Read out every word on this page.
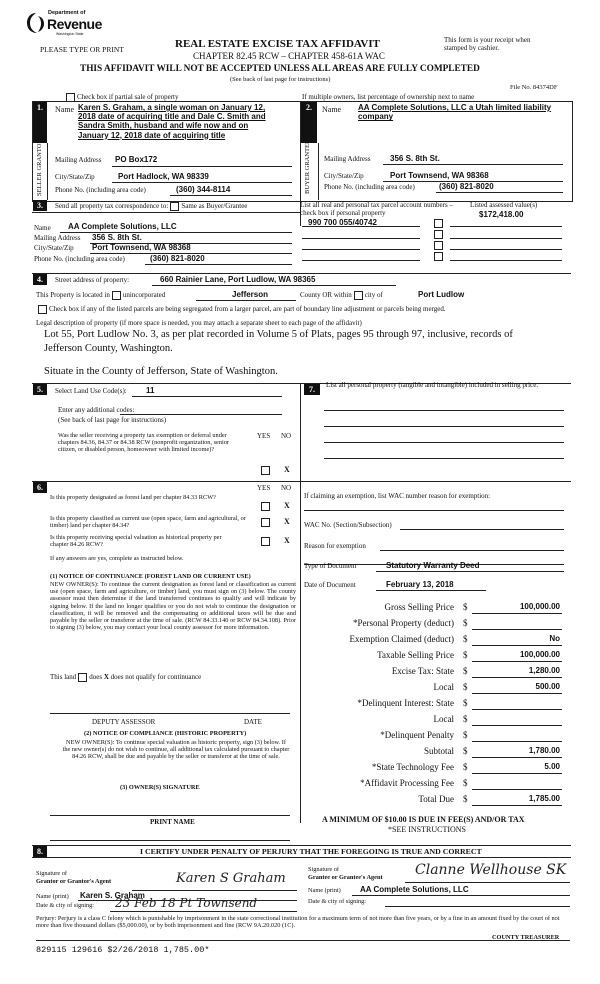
Department of
Revenue
Washington State
PLEASE TYPE OR PRINT	REAL ESTATE EXCISE TAX AFFIDAVIT
CHAPTER 82.45 RCW – CHAPTER 458-61A WAC
THIS AFFIDAVIT WILL NOT BE ACCEPTED UNLESS ALL AREAS ARE FULLY COMPLETED
(See back of last page for instructions)
This form is your receipt when stamped by cashier.
File No. 84374DF
Check box if partial sale of property	If multiple owners, list percentage of ownership next to name
1.	Name Karen S. Graham, a single woman on January 12,
2018 date of acquiring title and Dale C. Smith and
Sandra Smith, husband and wife now and on
January 12, 2018 date of acquiring title
SELLER GRANTOR Mailing Address PO Box172
City/State/Zip	Port Hadlock, WA 98339
Phone No. (including area code)	(360) 344-8114
2.	Name AA Complete Solutions, LLC a Utah limited liability
company
BUYER GRANTEE Mailing Address 356 S. 8th St.
City/State/Zip	Port Townsend, WA 98368
Phone No. (including area code)	(360) 821-8020
3.	Send all property tax correspondence to: Same as Buyer/Grantee
Name AA Complete Solutions, LLC
Mailing Address 356 S. 8th St.
City/State/Zip Port Townsend, WA 98368
Phone No. (including area code)	(360) 821-8020
List all real and personal tax parcel account numbers – check box if personal property
Listed assessed value(s)
990 700 055/40742
$172,418.00
4.	Street address of property:	660 Rainier Lane, Port Ludlow, WA 98365
This Property is located in unincorporated	Jefferson	County OR within city of	Port Ludlow
Check box if any of the listed parcels are being segregated from a larger parcel, are part of boundary line adjustment or parcels being merged.
Legal description of property (if more space is needed, you may attach a separate sheet to each page of the affidavit)
Lot 55, Port Ludlow No. 3, as per plat recorded in Volume 5 of Plats, pages 95 through 97, inclusive, records of
Jefferson County, Washington.
Situate in the County of Jefferson, State of Washington.
5.	Select Land Use Code(s): 11
Enter any additional codes:
(See back of last page for instructions)
YES NO
Was the seller receiving a property tax exemption or deferral under chapters 84.36, 84.37 or 84.38 RCW (nonprofit organization, senior citizen, or disabled person, homeowner with limited income)?
X
7.	List all personal property (tangible and intangible) included in selling price.
6.	YES NO
Is this property designated as forest land per chapter 84.33 RCW?
X
Is this property classified as current use (open space, farm and agricultural, or timber) land per chapter 84.34?	X
Is this property receiving special valuation as historical property per chapter 84.26 RCW?	X
If any answers are yes, complete as instructed below.
(1) NOTICE OF CONTINUANCE (FOREST LAND OR CURRENT USE)
NEW OWNER(S): To continue the current designation as forest land or classification as current use (open space, farm and agriculture, or timber) land, you must sign on (3) below. The county assessor must then determine if the land transferred continues to qualify and will indicate by signing below. If the land no longer qualifies or you do not wish to continue the designation or classification, it will be removed and the compensating or additional taxes will be due and payable by the seller or transferor at the time of sale. (RCW 84.33.140 or RCW 84.34.108). Prior to signing (3) below, you may contact your local county assessor for more information.
This land does X does not qualify for continuance
DEPUTY ASSESSOR	DATE
(2) NOTICE OF COMPLIANCE (HISTORIC PROPERTY)
NEW OWNER(S): To continue special valuation as historic property, sign (3) below. If the new owner(s) do not wish to continue, all additional tax calculated pursuant to chapter 84.26 RCW, shall be due and payable by the seller or transferor at the time of sale.
(3) OWNER(S) SIGNATURE
PRINT NAME
If claiming an exemption, list WAC number reason for exemption:
WAC No. (Section/Subsection)
Reason for exemption
Type of Document	Statutory Warranty Deed
Date of Document	February 13, 2018
Gross Selling Price $	100,000.00
*Personal Property (deduct) $
Exemption Claimed (deduct) $	No
Taxable Selling Price $	100,000.00
Excise Tax: State $	1,280.00
Local $	500.00
*Delinquent Interest: State $
Local $
*Delinquent Penalty $
Subtotal $	1,780.00
*State Technology Fee $	5.00
*Affidavit Processing Fee $
Total Due $	1,785.00
A MINIMUM OF $10.00 IS DUE IN FEE(S) AND/OR TAX
*SEE INSTRUCTIONS
8.	I CERTIFY UNDER PENALTY OF PERJURY THAT THE FOREGOING IS TRUE AND CORRECT
Signature of
Grantor or Grantor's Agent	Karen S Graham
Name (print) Karen S. Graham
Date & city of signing: 23 Feb 18 Pt Townsend
Signature of
Grantee or Grantee's Agent Clanne Wellhouse SK
Name (print) AA Complete Solutions, LLC
Date & city of signing:
Perjury: Perjury is a class C felony which is punishable by imprisonment in the state correctional institution for a maximum term of not more than five years, or by a fine in an amount fixed by the court of not more than five thousand dollars ($5,000.00), or by both imprisonment and fine (RCW 9A.20.020 (1C).
COUNTY TREASURER
829115 129616 $2/26/2018 1,785.00*
